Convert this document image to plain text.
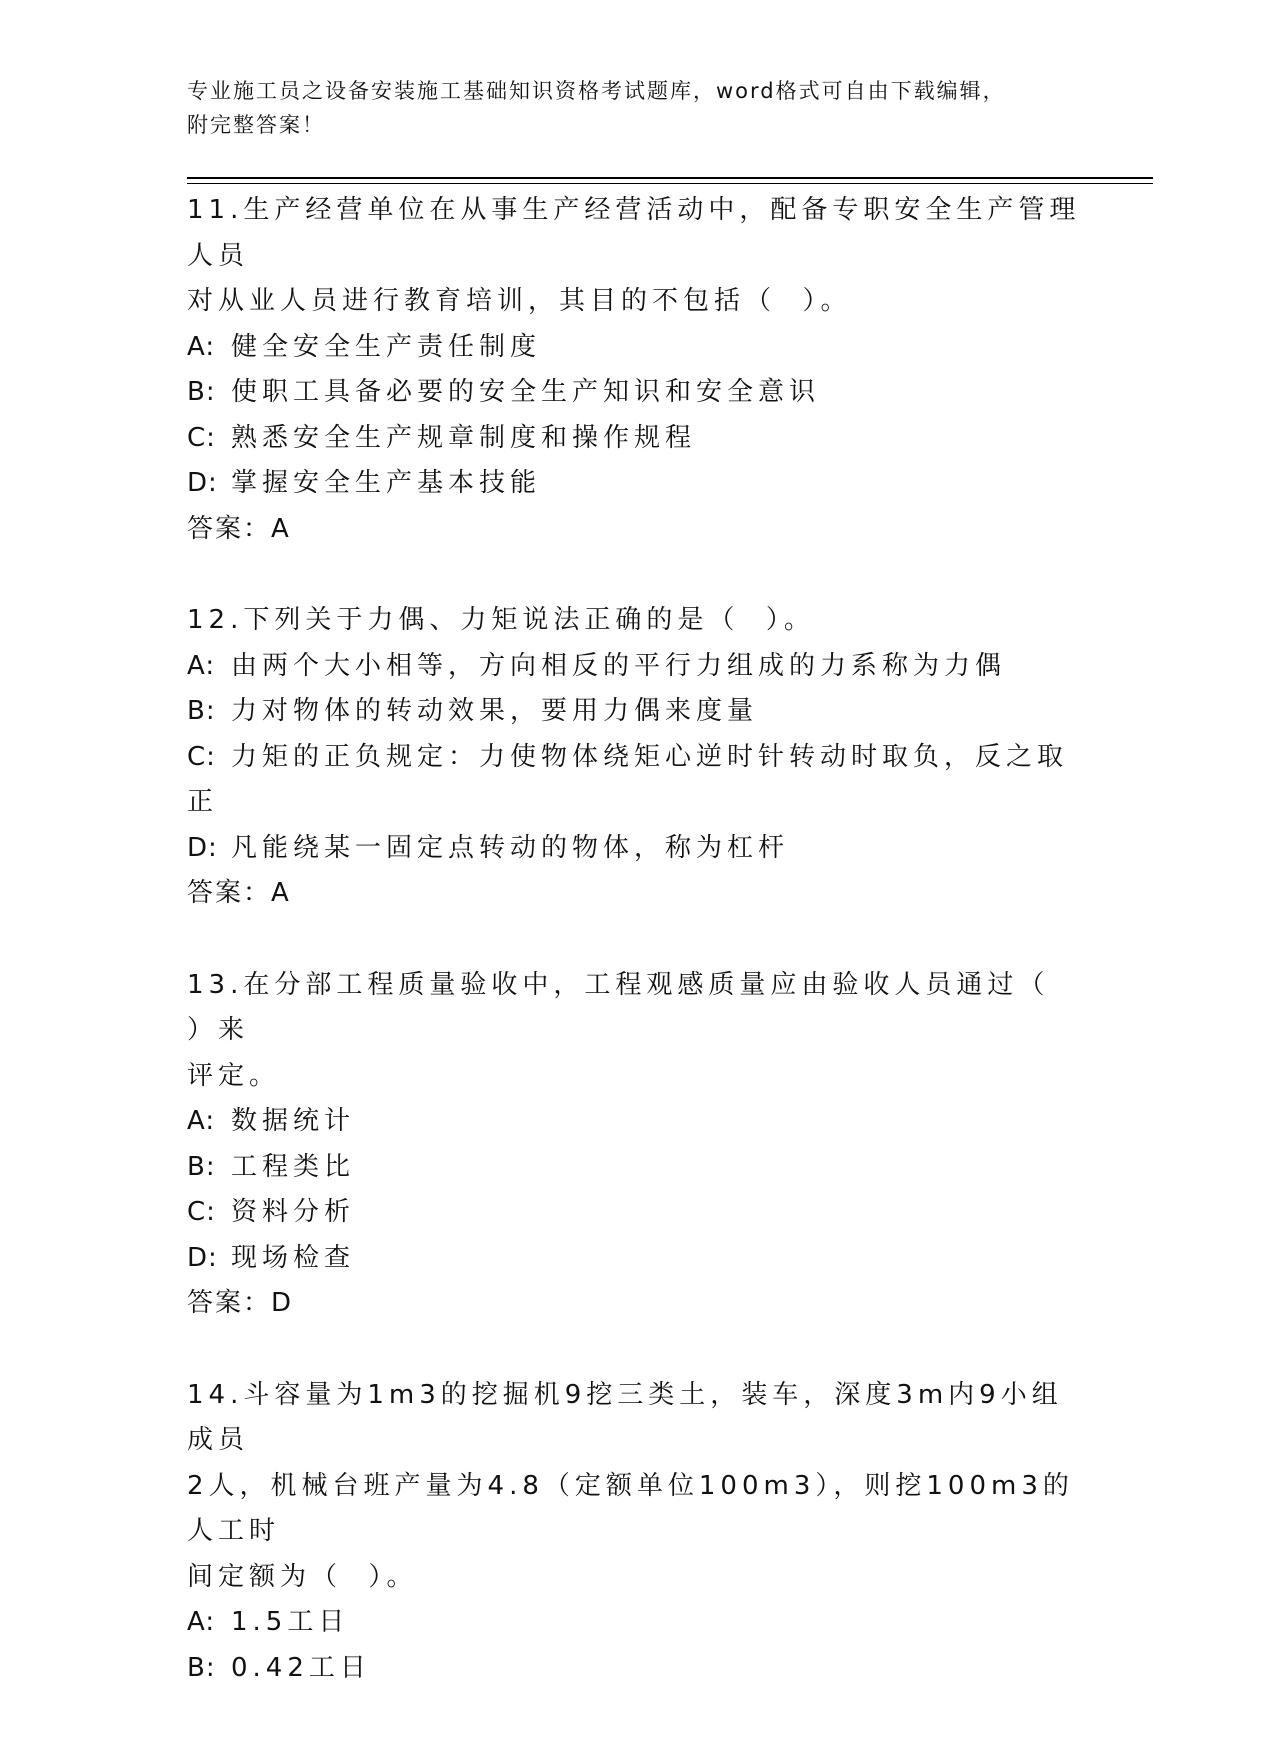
专业施工员之设备安装施工基础知识资格考试题库，word格式可自由下载编辑，
附完整答案！
11.生产经营单位在从事生产经营活动中，配备专职安全生产管理人员
对从业人员进行教育培训，其目的不包括（  ）。
A: 健全安全生产责任制度
B: 使职工具备必要的安全生产知识和安全意识
C: 熟悉安全生产规章制度和操作规程
D: 掌握安全生产基本技能
答案：A
12.下列关于力偶、力矩说法正确的是（  ）。
A: 由两个大小相等，方向相反的平行力组成的力系称为力偶
B: 力对物体的转动效果，要用力偶来度量
C: 力矩的正负规定：力使物体绕矩心逆时针转动时取负，反之取正
D: 凡能绕某一固定点转动的物体，称为杠杆
答案：A
13.在分部工程质量验收中，工程观感质量应由验收人员通过（  ）来
评定。
A: 数据统计
B: 工程类比
C: 资料分析
D: 现场检查
答案：D
14.斗容量为1m3的挖掘机9挖三类土，装车，深度3m内9小组成员
2人，机械台班产量为4.8（定额单位100m3），则挖100m3的人工时
间定额为（  ）。
A: 1.5工日
B: 0.42工日
